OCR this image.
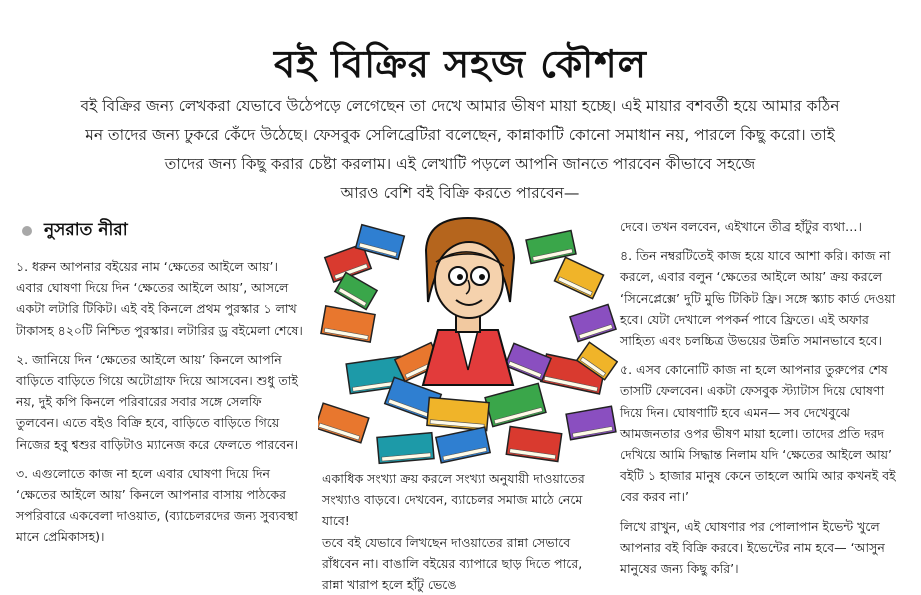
বই বিক্রির সহজ কৌশল

বই বিক্রির জন্য লেখকরা যেভাবে উঠেপড়ে লেগেছেন তা দেখে আমার ভীষণ মায়া হচ্ছে। এই মায়ার বশবর্তী হয়ে আমার কঠিন

মন তাদের জন্য ঢুকরে কেঁদে উঠেছে। ফেসবুক সেলিব্রেটিরা বলেছেন, কান্নাকাটি কোনো সমাধান নয়, পারলে কিছু করো। তাই

তাদের জন্য কিছু করার চেষ্টা করলাম। এই লেখাটি পড়লে আপনি জানতে পারবেন কীভাবে সহজে

আরও বেশি বই বিক্রি করতে পারবেন—

নুসরাত নীরা

১. ধরুন আপনার বইয়ের নাম ‘ক্ষেতের আইলে আয়’। এবার ঘোষণা দিয়ে দিন ‘ক্ষেতের আইলে আয়’, আসলে একটা লটারি টিকিট। এই বই কিনলে প্রথম পুরস্কার ১ লাখ টাকাসহ ৪২০টি নিশ্চিত পুরস্কার। লটারির ড্র বইমেলা শেষে।

২. জানিয়ে দিন ‘ক্ষেতের আইলে আয়’ কিনলে আপনি বাড়িতে বাড়িতে গিয়ে অটোগ্রাফ দিয়ে আসবেন। শুধু তাই নয়, দুই কপি কিনলে পরিবারের সবার সঙ্গে সেলফি তুলবেন। এতে বইও বিক্রি হবে, বাড়িতে বাড়িতে গিয়ে নিজের হবু শ্বশুর বাড়িটাও ম্যানেজ করে ফেলতে পারবেন।

৩. এগুলোতে কাজ না হলে এবার ঘোষণা দিয়ে দিন ‘ক্ষেতের আইলে আয়’ কিনলে আপনার বাসায় পাঠকের সপরিবারে একবেলা দাওয়াত, (ব্যাচেলরদের জন্য সুব্যবস্থা মানে প্রেমিকাসহ)।

একাধিক সংখ্যা ক্রয় করলে সংখ্যা অনুযায়ী দাওয়াতের সংখ্যাও বাড়বে। দেখবেন, ব্যাচেলর সমাজ মাঠে নেমে যাবে!

তবে বই যেভাবে লিখছেন দাওয়াতের রান্না সেভাবে রাঁধবেন না। বাঙালি বইয়ের ব্যাপারে ছাড় দিতে পারে, রান্না খারাপ হলে হাঁটু ভেঙে

দেবে। তখন বলবেন, এইখানে তীব্র হাঁটুর ব্যথা…।

৪. তিন নম্বরটিতেই কাজ হয়ে যাবে আশা করি। কাজ না করলে, এবার বলুন ‘ক্ষেতের আইলে আয়’ ক্রয় করলে ‘সিনেপ্লেক্সে’ দুটি মুভি টিকিট ফ্রি। সঙ্গে স্ক্যাচ কার্ড দেওয়া হবে। যেটা দেখালে পপকর্ন পাবে ফ্রিতে। এই অফার সাহিত্য এবং চলচ্চিত্র উভয়ের উন্নতি সমানভাবে হবে।

৫. এসব কোনোটি কাজ না হলে আপনার তুরুপের শেষ তাসটি ফেলবেন। একটা ফেসবুক স্ট্যাটাস দিয়ে ঘোষণা দিয়ে দিন। ঘোষণাটি হবে এমন— সব দেখেবুঝে আমজনতার ওপর ভীষণ মায়া হলো। তাদের প্রতি দরদ দেখিয়ে আমি সিদ্ধান্ত নিলাম যদি ‘ক্ষেতের আইলে আয়’ বইটি ১ হাজার মানুষ কেনে তাহলে আমি আর কখনই বই বের করব না।’

লিখে রাখুন, এই ঘোষণার পর পোলাপান ইভেন্ট খুলে আপনার বই বিক্রি করবে। ইভেন্টের নাম হবে— ‘আসুন মানুষের জন্য কিছু করি’।
